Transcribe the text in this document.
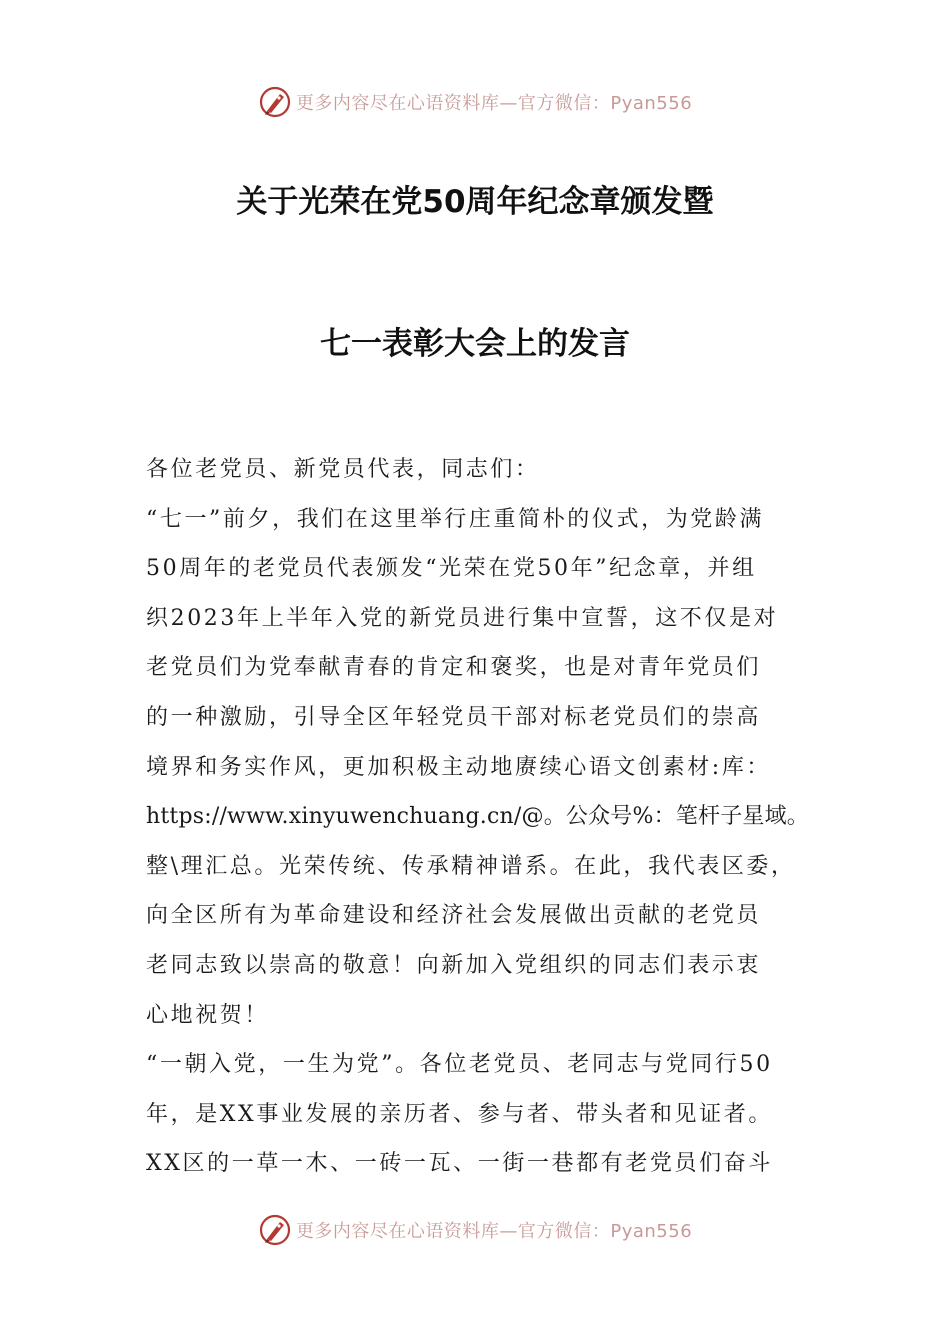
更多内容尽在心语资料库—官方微信：Pyan556
关于光荣在党50周年纪念章颁发暨
七一表彰大会上的发言
各位老党员、新党员代表，同志们：
“七一”前夕，我们在这里举行庄重简朴的仪式，为党龄满
50周年的老党员代表颁发“光荣在党50年”纪念章，并组
织2023年上半年入党的新党员进行集中宣誓，这不仅是对
老党员们为党奉献青春的肯定和褒奖，也是对青年党员们
的一种激励，引导全区年轻党员干部对标老党员们的崇高
境界和务实作风，更加积极主动地赓续心语文创素材:库：
https://www.xinyuwenchuang.cn/@。公众号%：笔杆子星域。
整\理汇总。光荣传统、传承精神谱系。在此，我代表区委，
向全区所有为革命建设和经济社会发展做出贡献的老党员
老同志致以崇高的敬意！向新加入党组织的同志们表示衷
心地祝贺！
“一朝入党，一生为党”。各位老党员、老同志与党同行50
年，是XX事业发展的亲历者、参与者、带头者和见证者。
XX区的一草一木、一砖一瓦、一街一巷都有老党员们奋斗
更多内容尽在心语资料库—官方微信：Pyan556
